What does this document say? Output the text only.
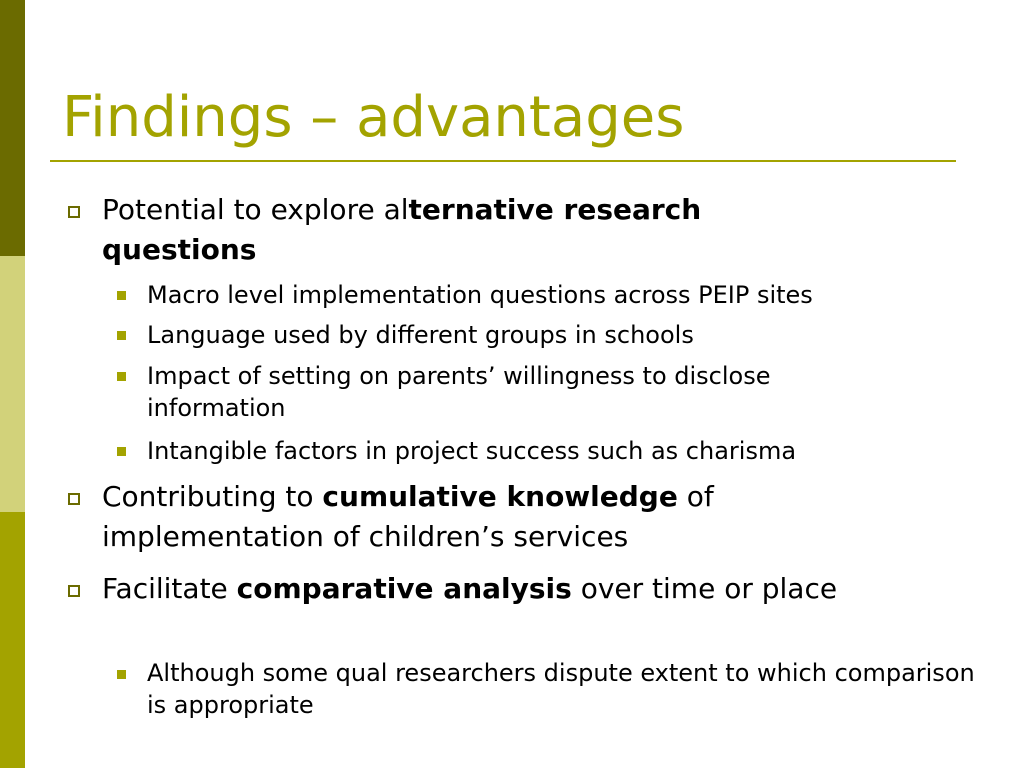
Findings – advantages

Potential to explore alternative research questions

Macro level implementation questions across PEIP sites

Language used by different groups in schools

Impact of setting on parents’ willingness to disclose information

Intangible factors in project success such as charisma

Contributing to cumulative knowledge of implementation of children’s services

Facilitate comparative analysis over time or place

Although some qual researchers dispute extent to which comparison is appropriate
